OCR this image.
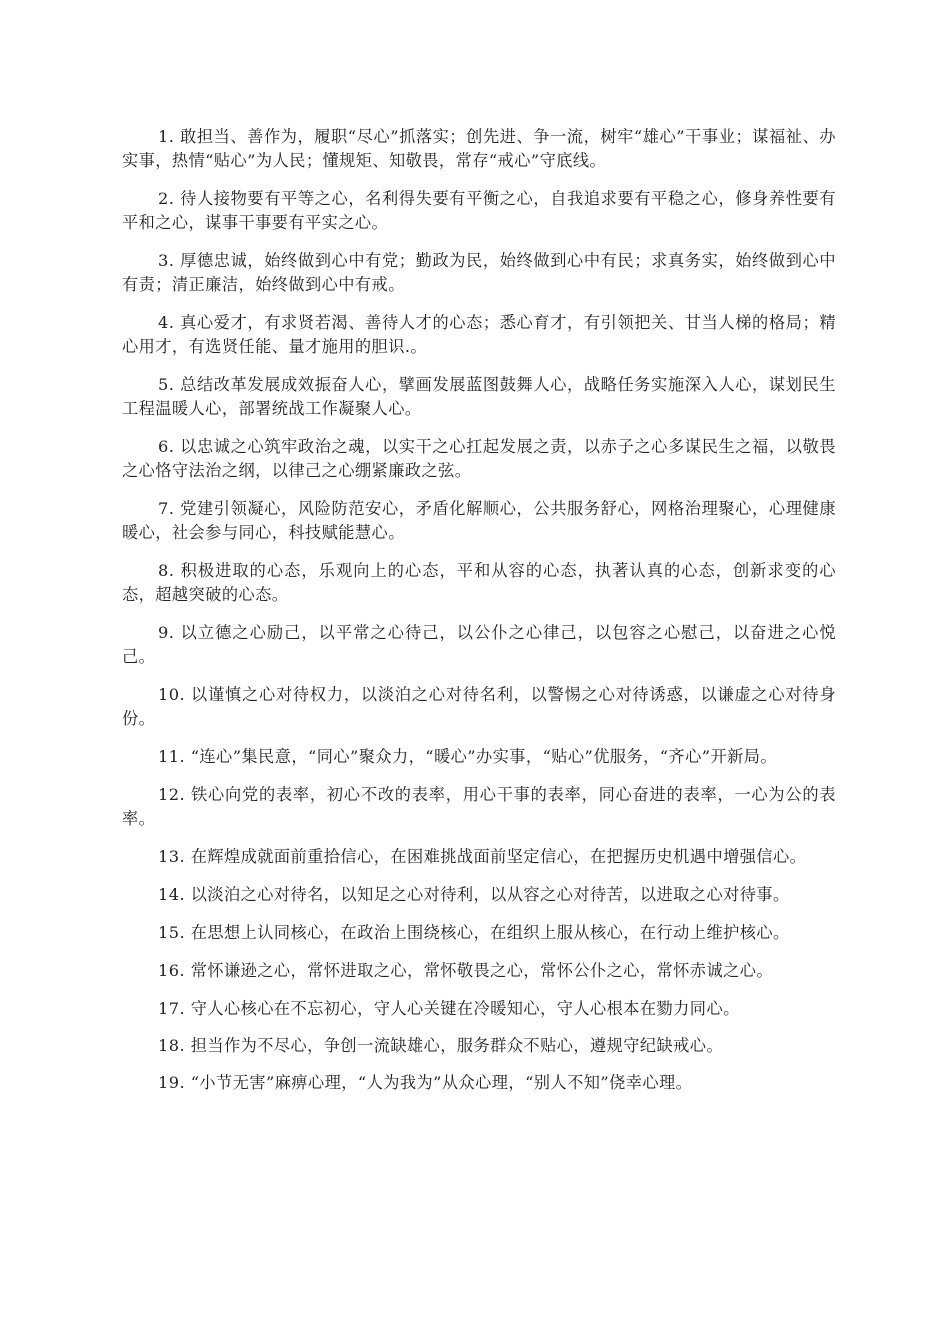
1. 敢担当、善作为，履职“尽心”抓落实；创先进、争一流，树牢“雄心”干事业；谋福祉、办实事，热情“贴心”为人民；懂规矩、知敬畏，常存“戒心”守底线。

2. 待人接物要有平等之心，名利得失要有平衡之心，自我追求要有平稳之心，修身养性要有平和之心，谋事干事要有平实之心。

3. 厚德忠诚，始终做到心中有党；勤政为民，始终做到心中有民；求真务实，始终做到心中有责；清正廉洁，始终做到心中有戒。

4. 真心爱才，有求贤若渴、善待人才的心态；悉心育才，有引领把关、甘当人梯的格局；精心用才，有选贤任能、量才施用的胆识.。

5. 总结改革发展成效振奋人心，擘画发展蓝图鼓舞人心，战略任务实施深入人心，谋划民生工程温暖人心，部署统战工作凝聚人心。

6. 以忠诚之心筑牢政治之魂，以实干之心扛起发展之责，以赤子之心多谋民生之福，以敬畏之心恪守法治之纲，以律己之心绷紧廉政之弦。

7. 党建引领凝心，风险防范安心，矛盾化解顺心，公共服务舒心，网格治理聚心，心理健康暖心，社会参与同心，科技赋能慧心。

8. 积极进取的心态，乐观向上的心态，平和从容的心态，执著认真的心态，创新求变的心态，超越突破的心态。

9. 以立德之心励己，以平常之心待己，以公仆之心律己，以包容之心慰己，以奋进之心悦己。

10. 以谨慎之心对待权力，以淡泊之心对待名利，以警惕之心对待诱惑，以谦虚之心对待身份。

11. “连心”集民意，“同心”聚众力，“暖心”办实事，“贴心”优服务，“齐心”开新局。

12. 铁心向党的表率，初心不改的表率，用心干事的表率，同心奋进的表率，一心为公的表率。

13. 在辉煌成就面前重拾信心，在困难挑战面前坚定信心，在把握历史机遇中增强信心。

14. 以淡泊之心对待名，以知足之心对待利，以从容之心对待苦，以进取之心对待事。

15. 在思想上认同核心，在政治上围绕核心，在组织上服从核心，在行动上维护核心。

16. 常怀谦逊之心，常怀进取之心，常怀敬畏之心，常怀公仆之心，常怀赤诚之心。

17. 守人心核心在不忘初心，守人心关键在冷暖知心，守人心根本在勠力同心。

18. 担当作为不尽心，争创一流缺雄心，服务群众不贴心，遵规守纪缺戒心。

19. “小节无害”麻痹心理，“人为我为”从众心理，“别人不知”侥幸心理。
